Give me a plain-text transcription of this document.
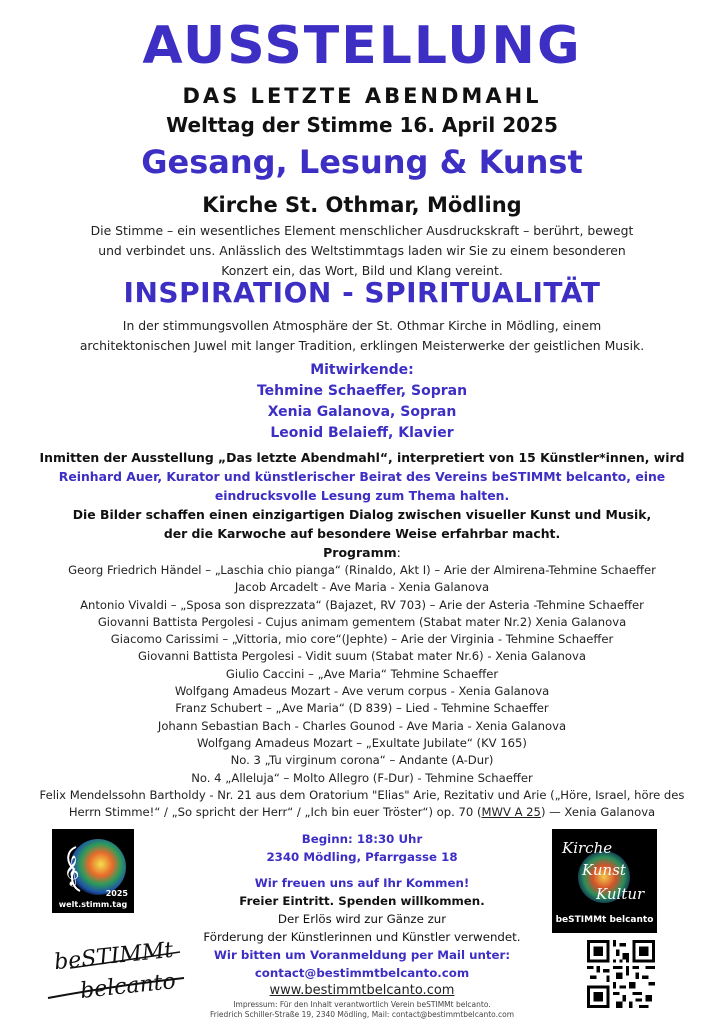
AUSSTELLUNG
DAS LETZTE ABENDMAHL
Welttag der Stimme 16. April 2025
Gesang, Lesung & Kunst
Kirche St. Othmar, Mödling
Die Stimme – ein wesentliches Element menschlicher Ausdruckskraft – berührt, bewegt
und verbindet uns. Anlässlich des Weltstimmtags laden wir Sie zu einem besonderen
Konzert ein, das Wort, Bild und Klang vereint.
INSPIRATION - SPIRITUALITÄT
In der stimmungsvollen Atmosphäre der St. Othmar Kirche in Mödling, einem
architektonischen Juwel mit langer Tradition, erklingen Meisterwerke der geistlichen Musik.
Mitwirkende:
Tehmine Schaeffer, Sopran
Xenia Galanova, Sopran
Leonid Belaieff, Klavier
Inmitten der Ausstellung „Das letzte Abendmahl“, interpretiert von 15 Künstler*innen, wird
Reinhard Auer, Kurator und künstlerischer Beirat des Vereins beSTIMMt belcanto, eine
eindrucksvolle Lesung zum Thema halten.
Die Bilder schaffen einen einzigartigen Dialog zwischen visueller Kunst und Musik,
der die Karwoche auf besondere Weise erfahrbar macht.
Programm:
Georg Friedrich Händel – „Laschia chio pianga“ (Rinaldo, Akt I) – Arie der Almirena-Tehmine Schaeffer
Jacob Arcadelt - Ave Maria - Xenia Galanova
Antonio Vivaldi – „Sposa son disprezzata“ (Bajazet, RV 703) – Arie der Asteria -Tehmine Schaeffer
Giovanni Battista Pergolesi - Cujus animam gementem (Stabat mater Nr.2) Xenia Galanova
Giacomo Carissimi – „Vittoria, mio core“(Jephte) – Arie der Virginia - Tehmine Schaeffer
Giovanni Battista Pergolesi - Vidit suum (Stabat mater Nr.6) - Xenia Galanova
Giulio Caccini – „Ave Maria“ Tehmine Schaeffer
Wolfgang Amadeus Mozart - Ave verum corpus - Xenia Galanova
Franz Schubert – „Ave Maria“ (D 839) – Lied - Tehmine Schaeffer
Johann Sebastian Bach - Charles Gounod - Ave Maria - Xenia Galanova
Wolfgang Amadeus Mozart – „Exultate Jubilate“ (KV 165)
No. 3 „Tu virginum corona“ – Andante (A-Dur)
No. 4 „Alleluja“ – Molto Allegro (F-Dur) - Tehmine Schaeffer
Felix Mendelssohn Bartholdy - Nr. 21 aus dem Oratorium "Elias" Arie, Rezitativ und Arie („Höre, Israel, höre des
Herrn Stimme!“ / „So spricht der Herr“ / „Ich bin euer Tröster“) op. 70 (MWV A 25) — Xenia Galanova
𝄞
2025
welt.stimm.tag
Beginn: 18:30 Uhr
2340 Mödling, Pfarrgasse 18
Wir freuen uns auf Ihr Kommen!
Freier Eintritt. Spenden willkommen.
Der Erlös wird zur Gänze zur
Förderung der Künstlerinnen und Künstler verwendet.
Wir bitten um Voranmeldung per Mail unter:
contact@bestimmtbelcanto.com
www.bestimmtbelcanto.com
Impressum: Für den Inhalt verantwortlich Verein beSTIMMt belcanto.
Friedrich Schiller-Straße 19, 2340 Mödling, Mail: contact@bestimmtbelcanto.com
Kirche
Kunst
Kultur
beSTIMMt belcanto
beSTIMMt
belcanto
